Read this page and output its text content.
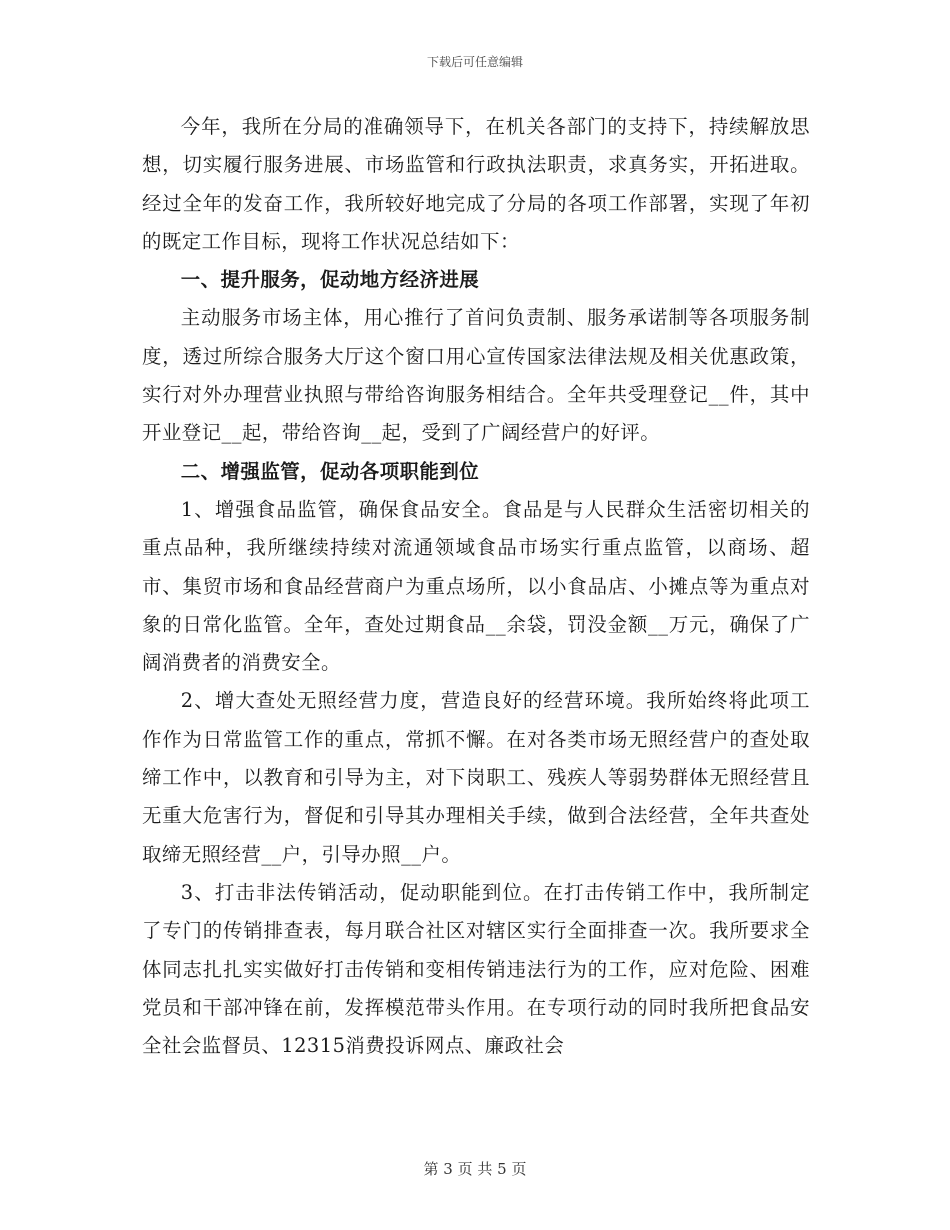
下载后可任意编辑

今年，我所在分局的准确领导下，在机关各部门的支持下，持续解放思想，切实履行服务进展、市场监管和行政执法职责，求真务实，开拓进取。经过全年的发奋工作，我所较好地完成了分局的各项工作部署，实现了年初的既定工作目标，现将工作状况总结如下：

一、提升服务，促动地方经济进展

主动服务市场主体，用心推行了首问负责制、服务承诺制等各项服务制度，透过所综合服务大厅这个窗口用心宣传国家法律法规及相关优惠政策，实行对外办理营业执照与带给咨询服务相结合。全年共受理登记__件，其中开业登记__起，带给咨询__起，受到了广阔经营户的好评。

二、增强监管，促动各项职能到位

1、增强食品监管，确保食品安全。食品是与人民群众生活密切相关的重点品种，我所继续持续对流通领域食品市场实行重点监管，以商场、超市、集贸市场和食品经营商户为重点场所，以小食品店、小摊点等为重点对象的日常化监管。全年，查处过期食品__余袋，罚没金额__万元，确保了广阔消费者的消费安全。

2、增大查处无照经营力度，营造良好的经营环境。我所始终将此项工作作为日常监管工作的重点，常抓不懈。在对各类市场无照经营户的查处取缔工作中，以教育和引导为主，对下岗职工、残疾人等弱势群体无照经营且无重大危害行为，督促和引导其办理相关手续，做到合法经营，全年共查处取缔无照经营__户，引导办照__户。

3、打击非法传销活动，促动职能到位。在打击传销工作中，我所制定了专门的传销排查表，每月联合社区对辖区实行全面排查一次。我所要求全体同志扎扎实实做好打击传销和变相传销违法行为的工作，应对危险、困难党员和干部冲锋在前，发挥模范带头作用。在专项行动的同时我所把食品安全社会监督员、12315消费投诉网点、廉政社会

第 3 页 共 5 页
